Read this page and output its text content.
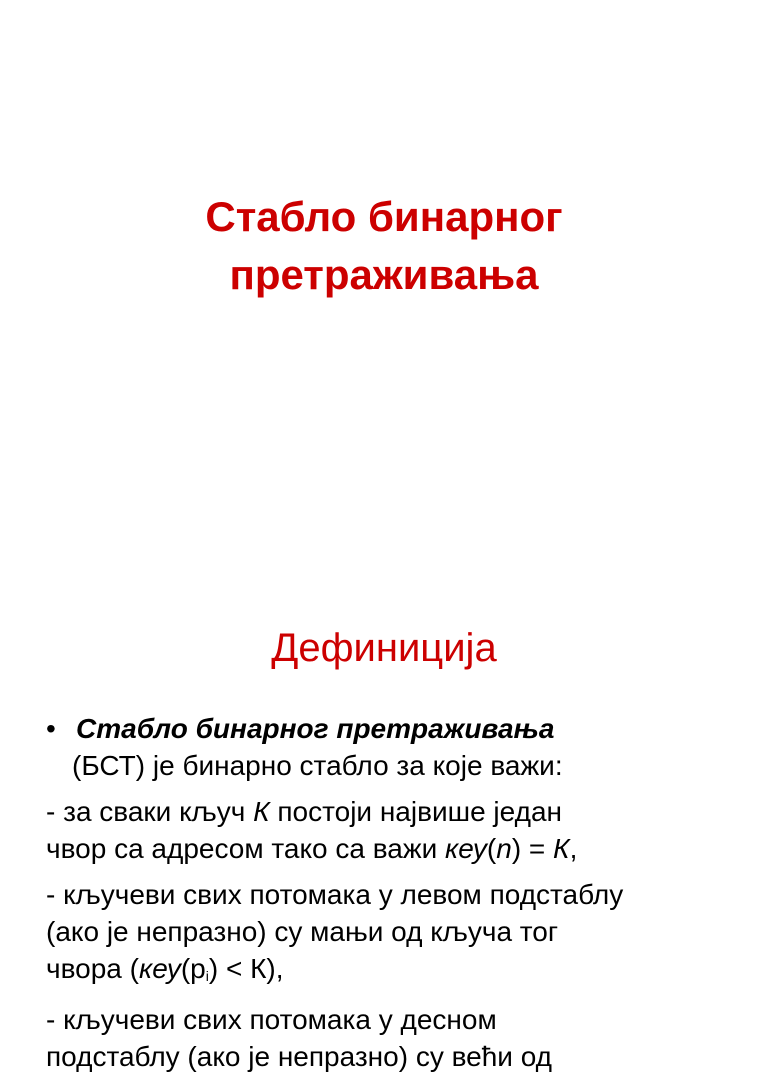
Стабло бинарног
претраживања
Дефиниција
• Стабло бинарног претраживања
(БСТ) је бинарно стабло за које важи:
- за сваки кључ К постоји највише један
чвор са адресом тако са важи кеу(n) = К,
- кључеви свих потомака у левом подстаблу
(ако је непразно) су мањи од кључа тог
чвора $(кеу(p_i) < К)$,
- кључеви свих потомака у десном
подстаблу (ако је непразно) су већи од
